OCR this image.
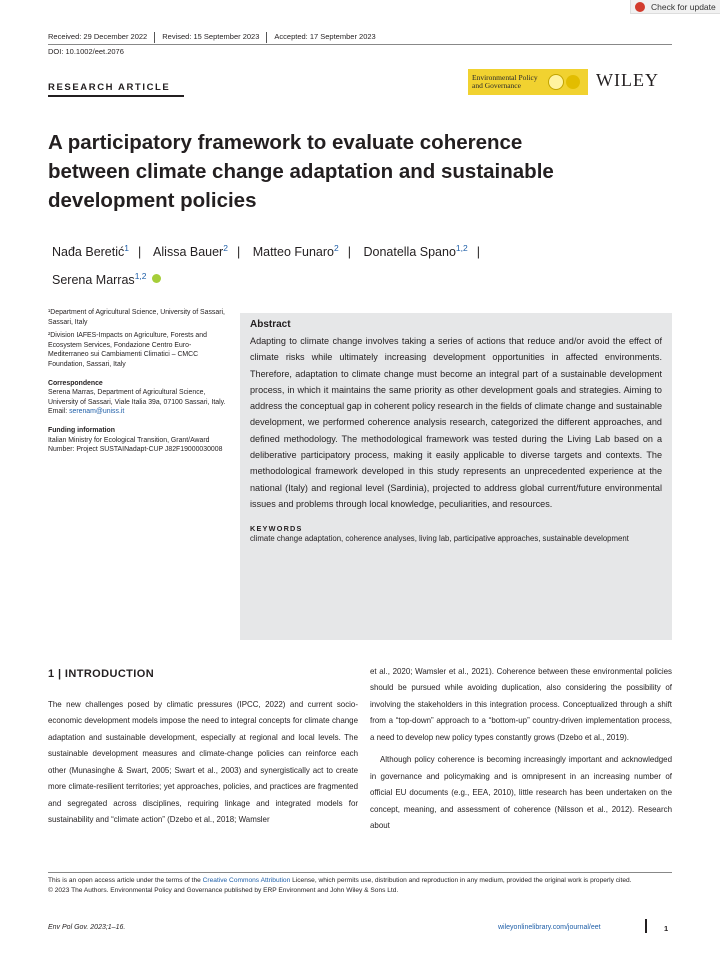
Check for update
Received: 29 December 2022 Revised: 15 September 2023 Accepted: 17 September 2023
DOI: 10.1002/eet.2076
RESEARCH ARTICLE
Environmental Policy
and Governance	WILEY
A participatory framework to evaluate coherence between climate change adaptation and sustainable development policies
Nađa Beretić$^1$ | Alissa Bauer$^2$ | Matteo Funaro$^2$ | Donatella Spano$^{1,2}$ |
Serena Marras$^{1,2}$
¹Department of Agricultural Science, University of Sassari, Sassari, Italy
²Division IAFES-Impacts on Agriculture, Forests and Ecosystem Services, Fondazione Centro Euro-Mediterraneo sui Cambiamenti Climatici – CMCC Foundation, Sassari, Italy
Correspondence
Serena Marras, Department of Agricultural Science, University of Sassari, Viale Italia 39a, 07100 Sassari, Italy.
Email: serenam@uniss.it
Funding information
Italian Ministry for Ecological Transition, Grant/Award Number: Project SUSTAINadapt-CUP J82F19000030008
Abstract

Adapting to climate change involves taking a series of actions that reduce and/or avoid the effect of climate risks while ultimately increasing development opportunities in affected environments. Therefore, adaptation to climate change must become an integral part of a sustainable development process, in which it maintains the same priority as other development goals and strategies. Aiming to address the conceptual gap in coherent policy research in the fields of climate change and sustainable development, we performed coherence analysis research, categorized the different approaches, and defined methodology. The methodological framework was tested during the Living Lab based on a deliberative participatory process, making it easily applicable to diverse targets and contexts. The methodological framework developed in this study represents an unprecedented experience at the national (Italy) and regional level (Sardinia), projected to address global current/future environmental issues and problems through local knowledge, peculiarities, and resources.

KEYWORDS
climate change adaptation, coherence analyses, living lab, participative approaches, sustainable development
1 | INTRODUCTION

The new challenges posed by climatic pressures (IPCC, 2022) and current socio-economic development models impose the need to integral concepts for climate change adaptation and sustainable development, especially at regional and local levels. The sustainable development measures and climate-change policies can reinforce each other (Munasinghe & Swart, 2005; Swart et al., 2003) and synergistically act to create more climate-resilient territories; yet approaches, policies, and practices are fragmented and segregated across disciplines, requiring linkage and integrated models for sustainability and “climate action” (Dzebo et al., 2018; Wamsler

et al., 2020; Wamsler et al., 2021). Coherence between these environmental policies should be pursued while avoiding duplication, also considering the possibility of involving the stakeholders in this integration process. Conceptualized through a shift from a “top-down” approach to a “bottom-up” country-driven implementation process, a need to develop new policy types constantly grows (Dzebo et al., 2019).

Although policy coherence is becoming increasingly important and acknowledged in governance and policymaking and is omnipresent in an increasing number of official EU documents (e.g., EEA, 2010), little research has been undertaken on the concept, meaning, and assessment of coherence (Nilsson et al., 2012). Research about

This is an open access article under the terms of the Creative Commons Attribution License, which permits use, distribution and reproduction in any medium, provided the original work is properly cited.
© 2023 The Authors. Environmental Policy and Governance published by ERP Environment and John Wiley & Sons Ltd.
Env Pol Gov. 2023;1–16.	wileyonlinelibrary.com/journal/eet	1
